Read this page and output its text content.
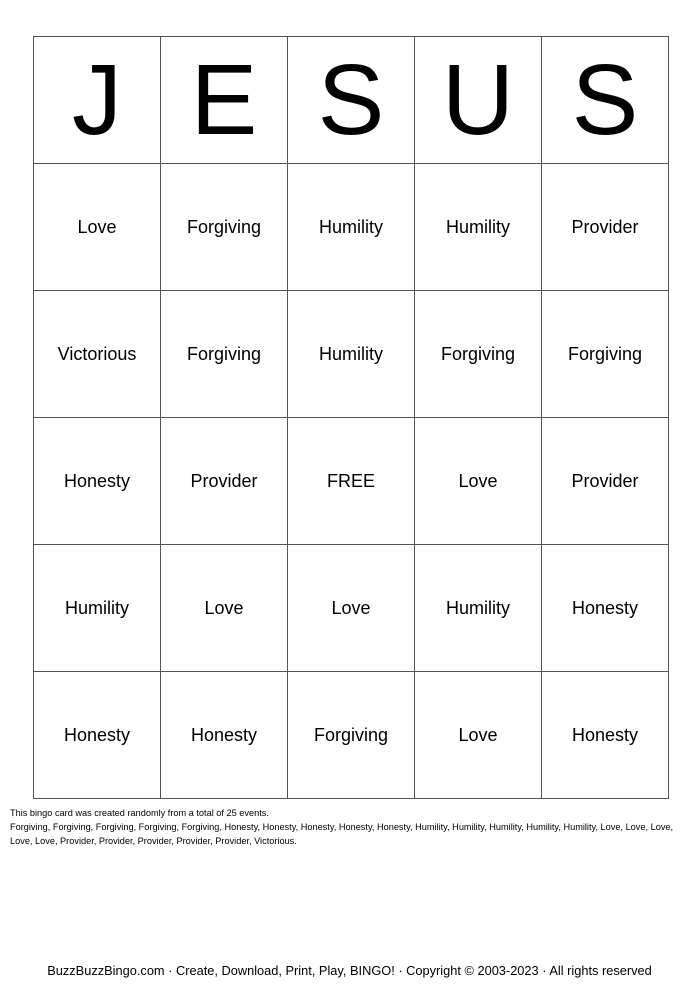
J	E	S	U	S
Love	Forgiving	Humility	Humility	Provider
Victorious	Forgiving	Humility	Forgiving	Forgiving
Honesty	Provider	FREE	Love	Provider
Humility	Love	Love	Humility	Honesty
Honesty	Honesty	Forgiving	Love	Honesty

This bingo card was created randomly from a total of 25 events.

Forgiving, Forgiving, Forgiving, Forgiving, Forgiving, Honesty, Honesty, Honesty, Honesty, Honesty, Humility, Humility, Humility, Humility, Humility, Love, Love, Love, Love, Love, Provider, Provider, Provider, Provider, Provider, Victorious.

BuzzBuzzBingo.com · Create, Download, Print, Play, BINGO! · Copyright © 2003-2023 · All rights reserved
